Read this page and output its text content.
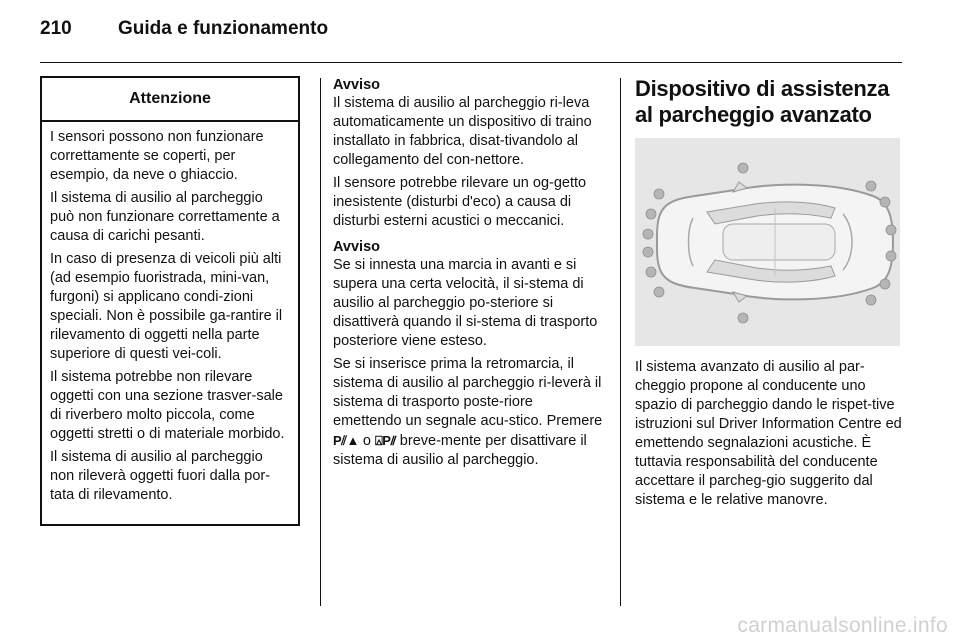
210 Guida e funzionamento
Attenzione

I sensori possono non funzionare correttamente se coperti, per esempio, da neve o ghiaccio.

Il sistema di ausilio al parcheggio può non funzionare correttamente a causa di carichi pesanti.

In caso di presenza di veicoli più alti (ad esempio fuoristrada, mini-van, furgoni) si applicano condi-zioni speciali. Non è possibile ga-rantire il rilevamento di oggetti nella parte superiore di questi vei-coli.

Il sistema potrebbe non rilevare oggetti con una sezione trasver-sale di riverbero molto piccola, come oggetti stretti o di materiale morbido.

Il sistema di ausilio al parcheggio non rileverà oggetti fuori dalla por-tata di rilevamento.

Avviso

Il sistema di ausilio al parcheggio ri-leva automaticamente un dispositivo di traino installato in fabbrica, disat-tivandolo al collegamento del con-nettore.

Il sensore potrebbe rilevare un og-getto inesistente (disturbi d'eco) a causa di disturbi esterni acustici o meccanici.

Avviso

Se si innesta una marcia in avanti e si supera una certa velocità, il si-stema di ausilio al parcheggio po-steriore si disattiverà quando il si-stema di trasporto posteriore viene esteso.

Se si inserisce prima la retromarcia, il sistema di ausilio al parcheggio ri-leverà il sistema di trasporto poste-riore emettendo un segnale acu-stico. Premere P⫽▲ o ⍓P⫽ breve-mente per disattivare il sistema di ausilio al parcheggio.

Dispositivo di assistenza al parcheggio avanzato

Il sistema avanzato di ausilio al par-cheggio propone al conducente uno spazio di parcheggio dando le rispet-tive istruzioni sul Driver Information Centre ed emettendo segnalazioni acustiche. È tuttavia responsabilità del conducente accettare il parcheg-gio suggerito dal sistema e le relative manovre.

carmanualsonline.info
